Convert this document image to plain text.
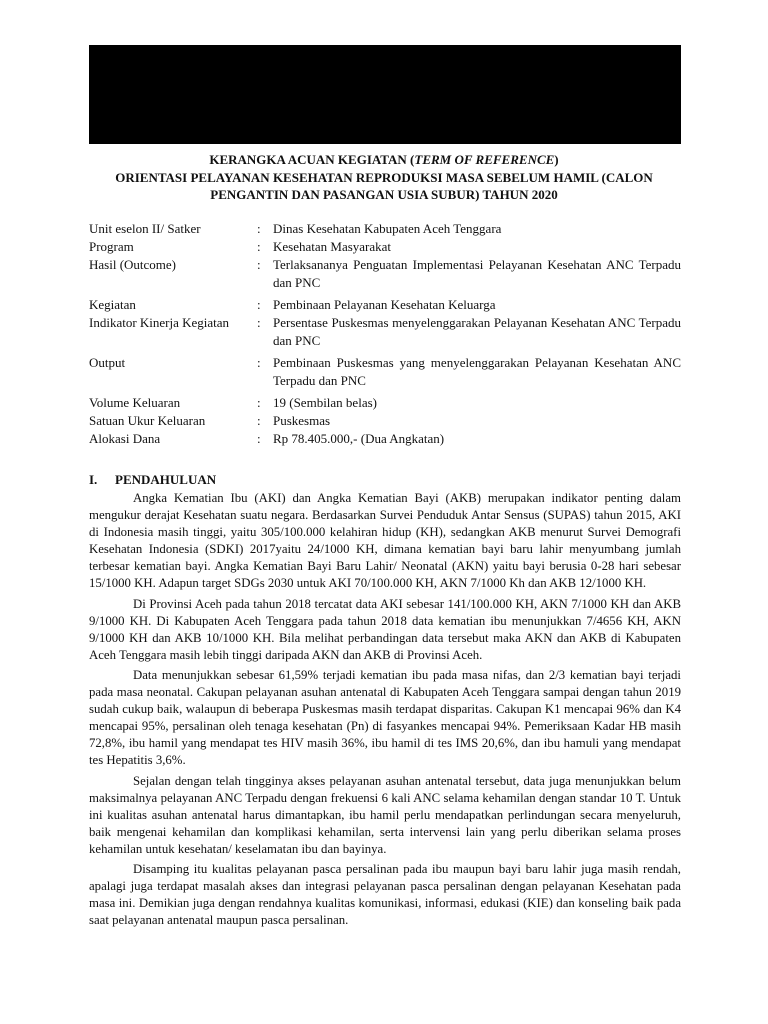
KERANGKA ACUAN KEGIATAN (TERM OF REFERENCE)
ORIENTASI PELAYANAN KESEHATAN REPRODUKSI MASA SEBELUM HAMIL (CALON
PENGANTIN DAN PASANGAN USIA SUBUR) TAHUN 2020
Unit eselon II/ Satker	:	Dinas Kesehatan Kabupaten Aceh Tenggara
Program	:	Kesehatan Masyarakat
Hasil (Outcome)	:	Terlaksananya Penguatan Implementasi Pelayanan Kesehatan ANC Terpadu dan PNC
Kegiatan	:	Pembinaan Pelayanan Kesehatan Keluarga
Indikator Kinerja Kegiatan	:	Persentase Puskesmas menyelenggarakan Pelayanan Kesehatan ANC Terpadu dan PNC
Output	:	Pembinaan Puskesmas yang menyelenggarakan Pelayanan Kesehatan ANC Terpadu dan PNC
Volume Keluaran	:	19 (Sembilan belas)
Satuan Ukur Keluaran	:	Puskesmas
Alokasi Dana	:	Rp 78.405.000,- (Dua Angkatan)
I. PENDAHULUAN

Angka Kematian Ibu (AKI) dan Angka Kematian Bayi (AKB) merupakan indikator penting dalam mengukur derajat Kesehatan suatu negara. Berdasarkan Survei Penduduk Antar Sensus (SUPAS) tahun 2015, AKI di Indonesia masih tinggi, yaitu 305/100.000 kelahiran hidup (KH), sedangkan AKB menurut Survei Demografi Kesehatan Indonesia (SDKI) 2017yaitu 24/1000 KH, dimana kematian bayi baru lahir menyumbang jumlah terbesar kematian bayi. Angka Kematian Bayi Baru Lahir/ Neonatal (AKN) yaitu bayi berusia 0-28 hari sebesar 15/1000 KH. Adapun target SDGs 2030 untuk AKI 70/100.000 KH, AKN 7/1000 Kh dan AKB 12/1000 KH.

Di Provinsi Aceh pada tahun 2018 tercatat data AKI sebesar 141/100.000 KH, AKN 7/1000 KH dan AKB 9/1000 KH. Di Kabupaten Aceh Tenggara pada tahun 2018 data kematian ibu menunjukkan 7/4656 KH, AKN 9/1000 KH dan AKB 10/1000 KH. Bila melihat perbandingan data tersebut maka AKN dan AKB di Kabupaten Aceh Tenggara masih lebih tinggi daripada AKN dan AKB di Provinsi Aceh.

Data menunjukkan sebesar 61,59% terjadi kematian ibu pada masa nifas, dan 2/3 kematian bayi terjadi pada masa neonatal. Cakupan pelayanan asuhan antenatal di Kabupaten Aceh Tenggara sampai dengan tahun 2019 sudah cukup baik, walaupun di beberapa Puskesmas masih terdapat disparitas. Cakupan K1 mencapai 96% dan K4 mencapai 95%, persalinan oleh tenaga kesehatan (Pn) di fasyankes mencapai 94%. Pemeriksaan Kadar HB masih 72,8%, ibu hamil yang mendapat tes HIV masih 36%, ibu hamil di tes IMS 20,6%, dan ibu hamuli yang mendapat tes Hepatitis 3,6%.

Sejalan dengan telah tingginya akses pelayanan asuhan antenatal tersebut, data juga menunjukkan belum maksimalnya pelayanan ANC Terpadu dengan frekuensi 6 kali ANC selama kehamilan dengan standar 10 T. Untuk ini kualitas asuhan antenatal harus dimantapkan, ibu hamil perlu mendapatkan perlindungan secara menyeluruh, baik mengenai kehamilan dan komplikasi kehamilan, serta intervensi lain yang perlu diberikan selama proses kehamilan untuk kesehatan/ keselamatan ibu dan bayinya.

Disamping itu kualitas pelayanan pasca persalinan pada ibu maupun bayi baru lahir juga masih rendah, apalagi juga terdapat masalah akses dan integrasi pelayanan pasca persalinan dengan pelayanan Kesehatan pada masa ini. Demikian juga dengan rendahnya kualitas komunikasi, informasi, edukasi (KIE) dan konseling baik pada saat pelayanan antenatal maupun pasca persalinan.
